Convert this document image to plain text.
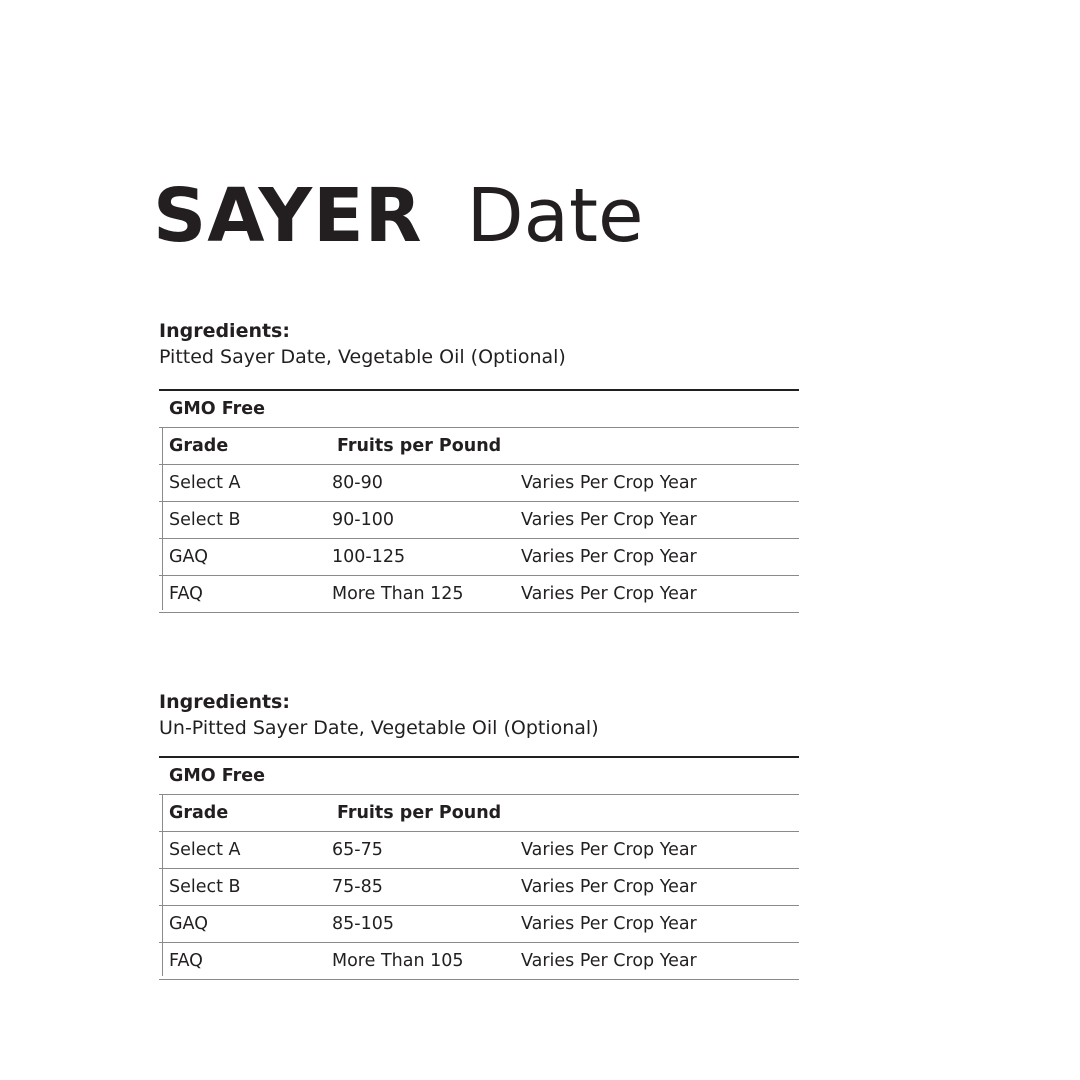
SAYER Date
Ingredients:
Pitted Sayer Date, Vegetable Oil (Optional)
GMO Free
Grade	Fruits per Pound
Select A	80-90	Varies Per Crop Year
Select B	90-100	Varies Per Crop Year
GAQ	100-125	Varies Per Crop Year
FAQ	More Than 125	Varies Per Crop Year
Ingredients:
Un-Pitted Sayer Date, Vegetable Oil (Optional)
GMO Free
Grade	Fruits per Pound
Select A	65-75	Varies Per Crop Year
Select B	75-85	Varies Per Crop Year
GAQ	85-105	Varies Per Crop Year
FAQ	More Than 105	Varies Per Crop Year
